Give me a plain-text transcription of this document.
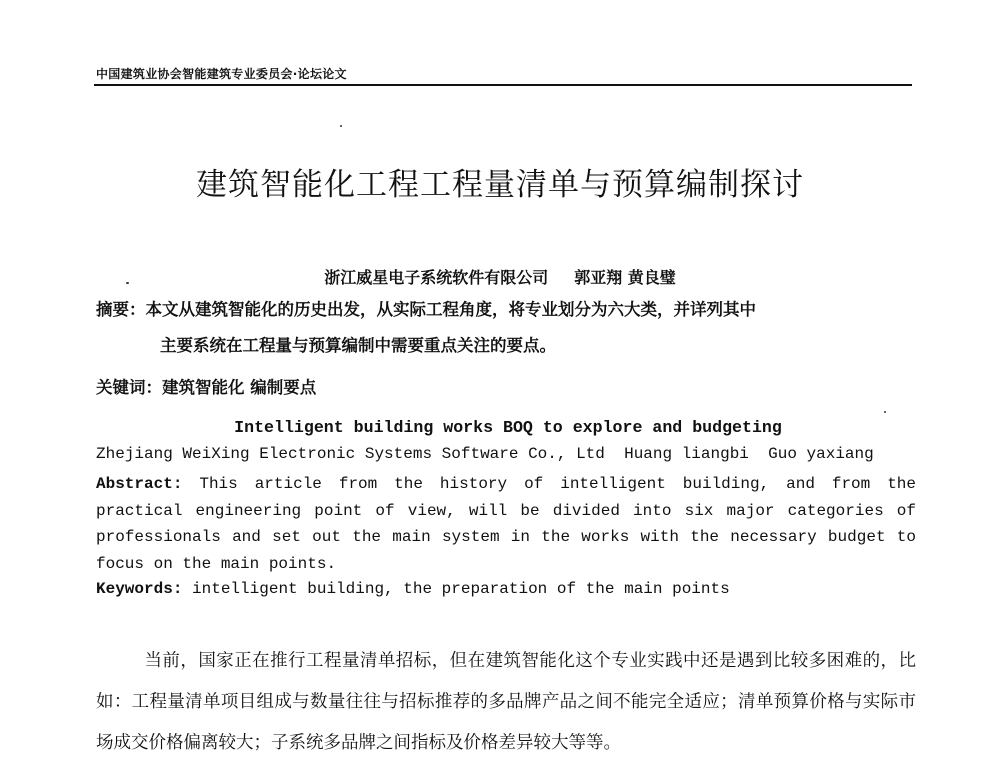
中国建筑业协会智能建筑专业委员会·论坛论文
建筑智能化工程工程量清单与预算编制探讨
浙江威星电子系统软件有限公司 郭亚翔 黄良璧
摘要：本文从建筑智能化的历史出发，从实际工程角度，将专业划分为六大类，并详列其中
主要系统在工程量与预算编制中需要重点关注的要点。
关键词：建筑智能化 编制要点
Intelligent building works BOQ to explore and budgeting
Zhejiang WeiXing Electronic Systems Software Co., Ltd  Huang liangbi  Guo yaxiang
Abstract: This article from the history of intelligent building, and from the practical engineering point of view, will be divided into six major categories of professionals and set out the main system in the works with the necessary budget to focus on the main points.
Keywords: intelligent building, the preparation of the main points
当前，国家正在推行工程量清单招标，但在建筑智能化这个专业实践中还是遇到比较多困难的，比如：工程量清单项目组成与数量往往与招标推荐的多品牌产品之间不能完全适应；清单预算价格与实际市场成交价格偏离较大；子系统多品牌之间指标及价格差异较大等等。
